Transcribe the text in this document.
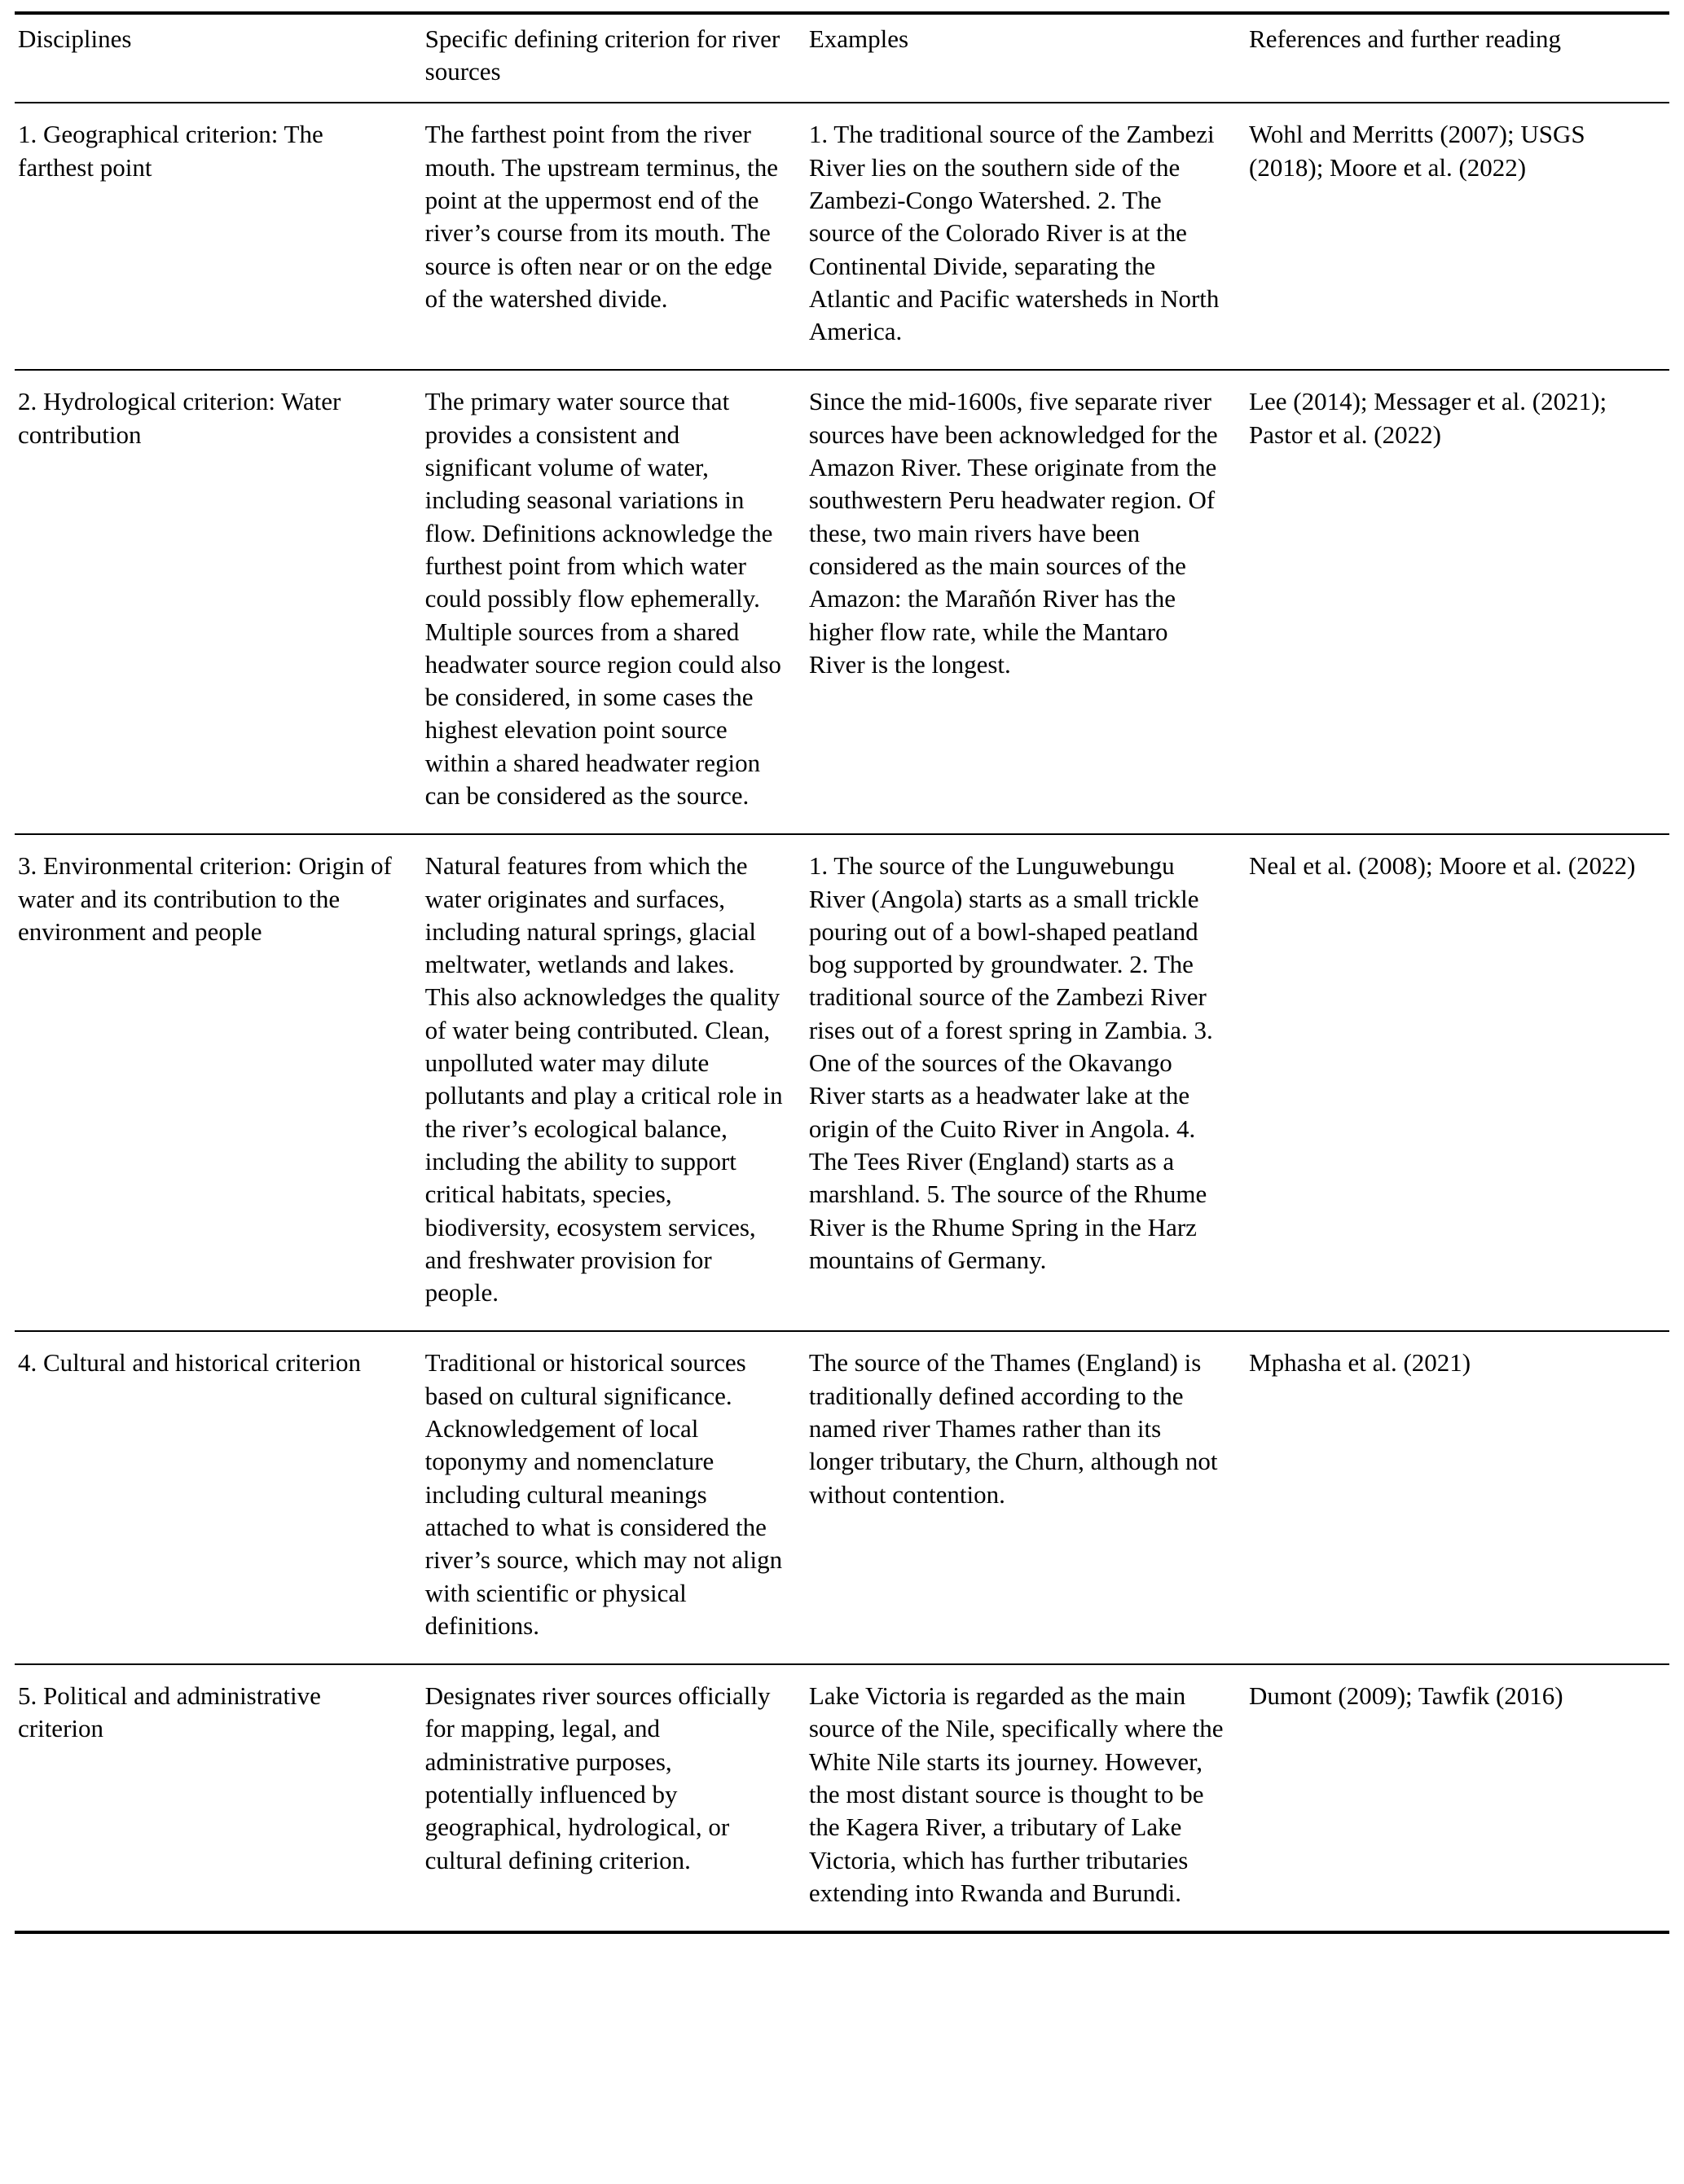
Disciplines	Specific defining criterion for river sources	Examples	References and further reading
1. Geographical criterion: The farthest point	The farthest point from the river mouth. The upstream terminus, the point at the uppermost end of the river’s course from its mouth. The source is often near or on the edge of the watershed divide.	1. The traditional source of the Zambezi River lies on the southern side of the Zambezi-Congo Watershed. 2. The source of the Colorado River is at the Continental Divide, separating the Atlantic and Pacific watersheds in North America.	Wohl and Merritts (2007); USGS (2018); Moore et al. (2022)
2. Hydrological criterion: Water contribution	The primary water source that provides a consistent and significant volume of water, including seasonal variations in flow. Definitions acknowledge the furthest point from which water could possibly flow ephemerally. Multiple sources from a shared headwater source region could also be considered, in some cases the highest elevation point source within a shared headwater region can be considered as the source.	Since the mid-1600s, five separate river sources have been acknowledged for the Amazon River. These originate from the southwestern Peru headwater region. Of these, two main rivers have been considered as the main sources of the Amazon: the Marañón River has the higher flow rate, while the Mantaro River is the longest.	Lee (2014); Messager et al. (2021); Pastor et al. (2022)
3. Environmental criterion: Origin of water and its contribution to the environment and people	Natural features from which the water originates and surfaces, including natural springs, glacial meltwater, wetlands and lakes. This also acknowledges the quality of water being contributed. Clean, unpolluted water may dilute pollutants and play a critical role in the river’s ecological balance, including the ability to support critical habitats, species, biodiversity, ecosystem services, and freshwater provision for people.	1. The source of the Lunguwebungu River (Angola) starts as a small trickle pouring out of a bowl-shaped peatland bog supported by groundwater. 2. The traditional source of the Zambezi River rises out of a forest spring in Zambia. 3. One of the sources of the Okavango River starts as a headwater lake at the origin of the Cuito River in Angola. 4. The Tees River (England) starts as a marshland. 5. The source of the Rhume River is the Rhume Spring in the Harz mountains of Germany.	Neal et al. (2008); Moore et al. (2022)
4. Cultural and historical criterion	Traditional or historical sources based on cultural significance. Acknowledgement of local toponymy and nomenclature including cultural meanings attached to what is considered the river’s source, which may not align with scientific or physical definitions.	The source of the Thames (England) is traditionally defined according to the named river Thames rather than its longer tributary, the Churn, although not without contention.	Mphasha et al. (2021)
5. Political and administrative criterion	Designates river sources officially for mapping, legal, and administrative purposes, potentially influenced by geographical, hydrological, or cultural defining criterion.	Lake Victoria is regarded as the main source of the Nile, specifically where the White Nile starts its journey. However, the most distant source is thought to be the Kagera River, a tributary of Lake Victoria, which has further tributaries extending into Rwanda and Burundi.	Dumont (2009); Tawfik (2016)
